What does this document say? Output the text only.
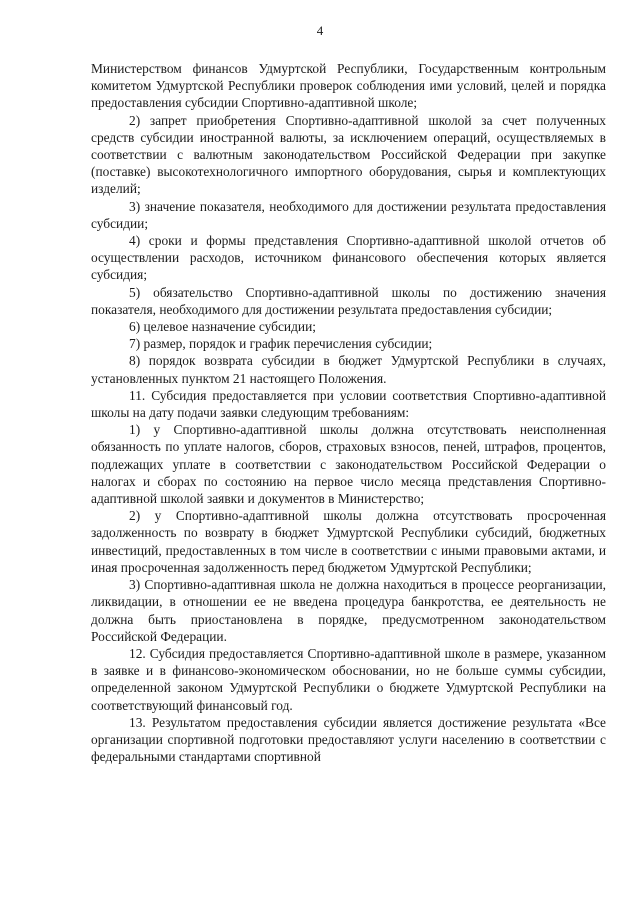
4

Министерством финансов Удмуртской Республики, Государственным контрольным комитетом Удмуртской Республики проверок соблюдения ими условий, целей и порядка предоставления субсидии Спортивно-адаптивной школе;

2) запрет приобретения Спортивно-адаптивной школой за счет полученных средств субсидии иностранной валюты, за исключением операций, осуществляемых в соответствии с валютным законодательством Российской Федерации при закупке (поставке) высокотехнологичного импортного оборудования, сырья и комплектующих изделий;

3) значение показателя, необходимого для достижении результата предоставления субсидии;

4) сроки и формы представления Спортивно-адаптивной школой отчетов об осуществлении расходов, источником финансового обеспечения которых является субсидия;

5) обязательство Спортивно-адаптивной школы по достижению значения показателя, необходимого для достижении результата предоставления субсидии;

6) целевое назначение субсидии;

7) размер, порядок и график перечисления субсидии;

8) порядок возврата субсидии в бюджет Удмуртской Республики в случаях, установленных пунктом 21 настоящего Положения.

11. Субсидия предоставляется при условии соответствия Спортивно-адаптивной школы на дату подачи заявки следующим требованиям:

1) у Спортивно-адаптивной школы должна отсутствовать неисполненная обязанность по уплате налогов, сборов, страховых взносов, пеней, штрафов, процентов, подлежащих уплате в соответствии с законодательством Российской Федерации о налогах и сборах по состоянию на первое число месяца представления Спортивно-адаптивной школой заявки и документов в Министерство;

2) у Спортивно-адаптивной школы должна отсутствовать просроченная задолженность по возврату в бюджет Удмуртской Республики субсидий, бюджетных инвестиций, предоставленных в том числе в соответствии с иными правовыми актами, и иная просроченная задолженность перед бюджетом Удмуртской Республики;

3) Спортивно-адаптивная школа не должна находиться в процессе реорганизации, ликвидации, в отношении ее не введена процедура банкротства, ее деятельность не должна быть приостановлена в порядке, предусмотренном законодательством Российской Федерации.

12. Субсидия предоставляется Спортивно-адаптивной школе в размере, указанном в заявке и в финансово-экономическом обосновании, но не больше суммы субсидии, определенной законом Удмуртской Республики о бюджете Удмуртской Республики на соответствующий финансовый год.

13. Результатом предоставления субсидии является достижение результата «Все организации спортивной подготовки предоставляют услуги населению в соответствии с федеральными стандартами спортивной
